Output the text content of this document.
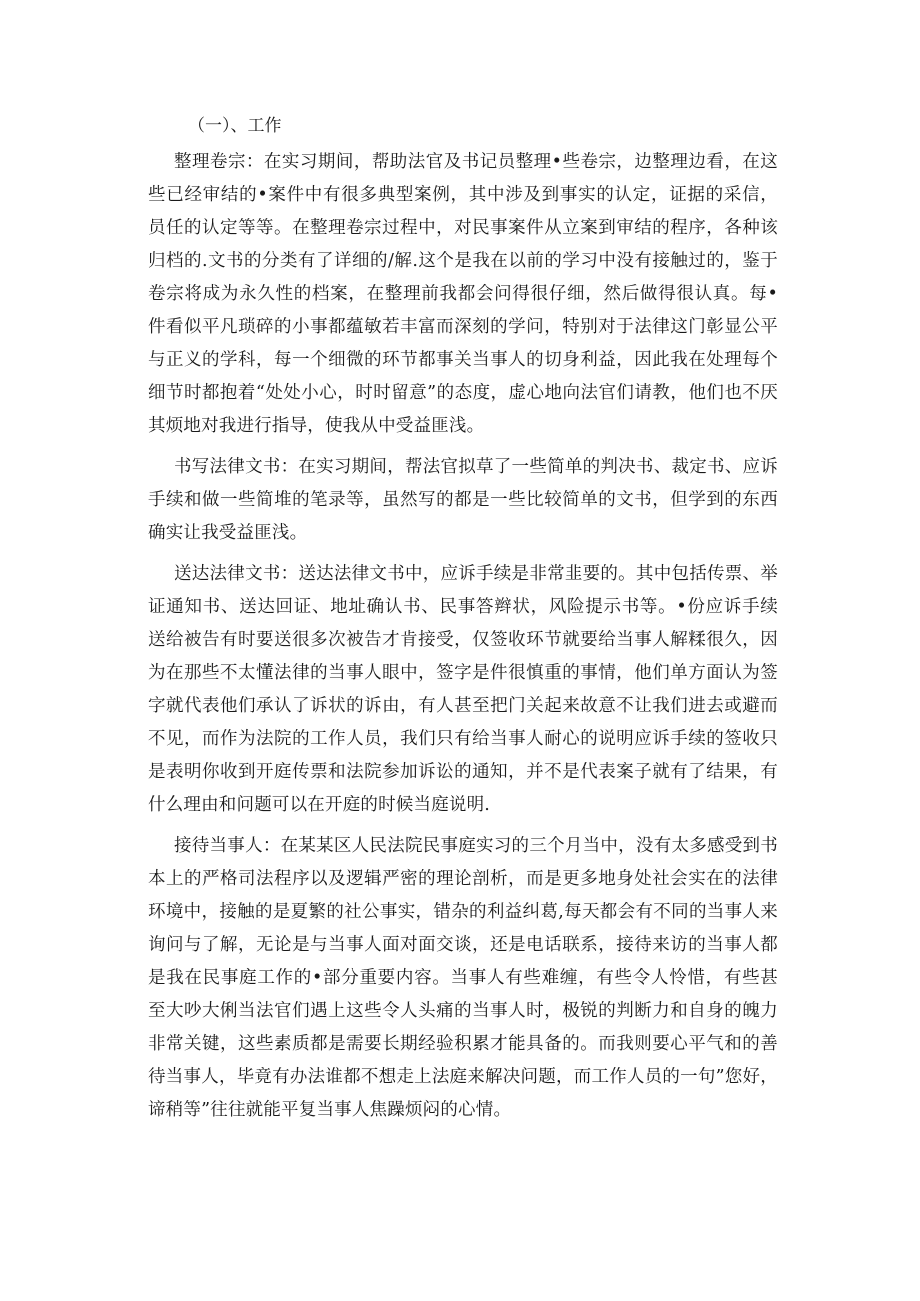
（一）、工作

整理卷宗：在实习期间，帮助法官及书记员整理•些卷宗，边整理边看，在这些已经审结的•案件中有很多典型案例，其中涉及到事实的认定，证据的采信，员任的认定等等。在整理卷宗过程中，对民事案件从立案到审结的程序，各种该归档的.文书的分类有了详细的/解.这个是我在以前的学习中没有接触过的，鉴于卷宗将成为永久性的档案，在整理前我都会问得很仔细，然后做得很认真。每•件看似平凡琐碎的小事都蕴敏若丰富而深刻的学问，特别对于法律这门彰显公平与正义的学科，每一个细微的环节都事关当事人的切身利益，因此我在处理每个细节时都抱着“处处小心，时时留意”的态度，虚心地向法官们请教，他们也不厌其烦地对我进行指导，使我从中受益匪浅。

书写法律文书：在实习期间，帮法官拟草了一些简单的判决书、裁定书、应诉手续和做一些简堆的笔录等，虽然写的都是一些比较简单的文书，但学到的东西确实让我受益匪浅。

送达法律文书：送达法律文书中，应诉手续是非常韭要的。其中包括传票、举证通知书、送达回证、地址确认书、民事答辫状，风险提示书等。•份应诉手续送给被告有时要送很多次被告才肯接受，仅签收环节就要给当事人解糅很久，因为在那些不太懂法律的当事人眼中，签字是件很慎重的事情，他们单方面认为签字就代表他们承认了诉状的诉由，有人甚至把门关起来故意不让我们进去或避而不见，而作为法院的工作人员，我们只有给当事人耐心的说明应诉手续的签收只是表明你收到开庭传票和法院参加诉讼的通知，并不是代表案子就有了结果，有什么理由和问题可以在开庭的时候当庭说明.

接待当事人：在某某区人民法院民事庭实习的三个月当中，没有太多感受到书本上的严格司法程序以及逻辑严密的理论剖析，而是更多地身处社会实在的法律环境中，接触的是夏繁的社公事实，错杂的利益纠葛,每天都会有不同的当事人来询问与了解，无论是与当事人面对面交谈，还是电话联系，接待来访的当事人都是我在民事庭工作的•部分重要内容。当事人有些难缠，有些令人怜惜，有些甚至大吵大俐当法官们遇上这些令人头痛的当事人时，极锐的判断力和自身的魄力非常关键，这些素质都是需要长期经验积累才能具备的。而我则要心平气和的善待当事人，毕竟有办法谁都不想走上法庭来解决问题，而工作人员的一句”您好，谛稍等”往往就能平复当事人焦躁烦闷的心情。
